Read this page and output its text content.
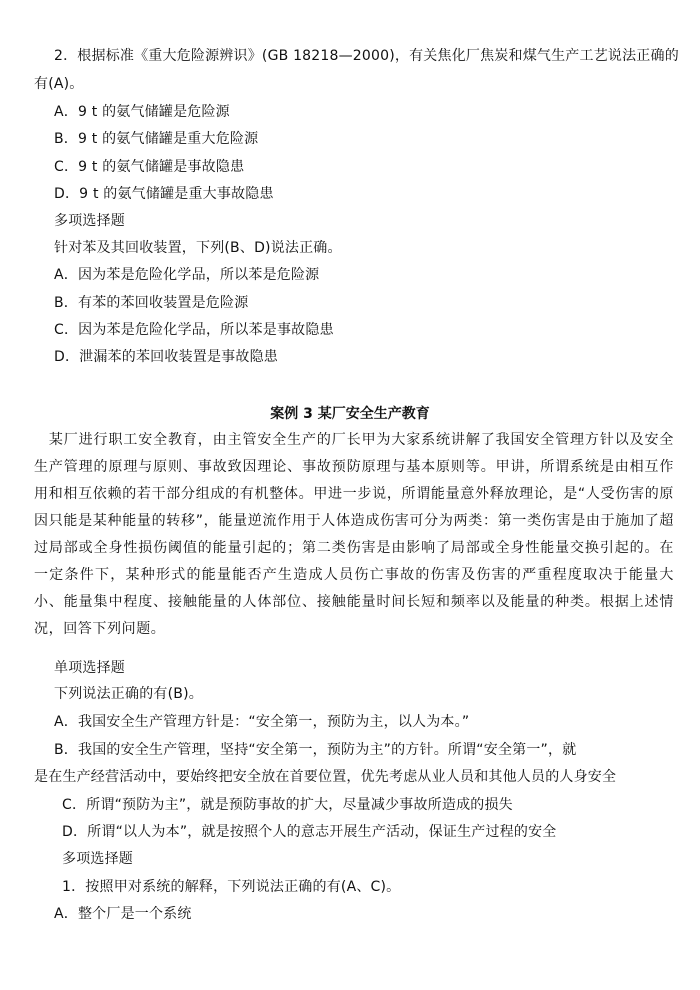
2．根据标准《重大危险源辨识》(GB 18218—2000)，有关焦化厂焦炭和煤气生产工艺说法正确的
有(A)。
A．9 t 的氨气储罐是危险源
B．9 t 的氨气储罐是重大危险源
C．9 t 的氨气储罐是事故隐患
D．9 t 的氨气储罐是重大事故隐患
多项选择题
针对苯及其回收装置，下列(B、D)说法正确。
A．因为苯是危险化学品，所以苯是危险源
B．有苯的苯回收装置是危险源
C．因为苯是危险化学品，所以苯是事故隐患
D．泄漏苯的苯回收装置是事故隐患
案例 3 某厂安全生产教育
　某厂进行职工安全教育，由主管安全生产的厂长甲为大家系统讲解了我国安全管理方针以及安全生产管理的原理与原则、事故致因理论、事故预防原理与基本原则等。甲讲，所谓系统是由相互作用和相互依赖的若干部分组成的有机整体。甲进一步说，所谓能量意外释放理论，是“人受伤害的原因只能是某种能量的转移”，能量逆流作用于人体造成伤害可分为两类：第一类伤害是由于施加了超过局部或全身性损伤阈值的能量引起的；第二类伤害是由影响了局部或全身性能量交换引起的。在一定条件下，某种形式的能量能否产生造成人员伤亡事故的伤害及伤害的严重程度取决于能量大小、能量集中程度、接触能量的人体部位、接触能量时间长短和频率以及能量的种类。根据上述情况，回答下列问题。
单项选择题
下列说法正确的有(B)。
A．我国安全生产管理方针是：“安全第一，预防为主，以人为本。”
B．我国的安全生产管理，坚持“安全第一，预防为主”的方针。所谓“安全第一”，就
是在生产经营活动中，要始终把安全放在首要位置，优先考虑从业人员和其他人员的人身安全
C．所谓“预防为主”，就是预防事故的扩大，尽量减少事故所造成的损失
D．所谓“以人为本”，就是按照个人的意志开展生产活动，保证生产过程的安全
多项选择题
1．按照甲对系统的解释，下列说法正确的有(A、C)。
A．整个厂是一个系统
